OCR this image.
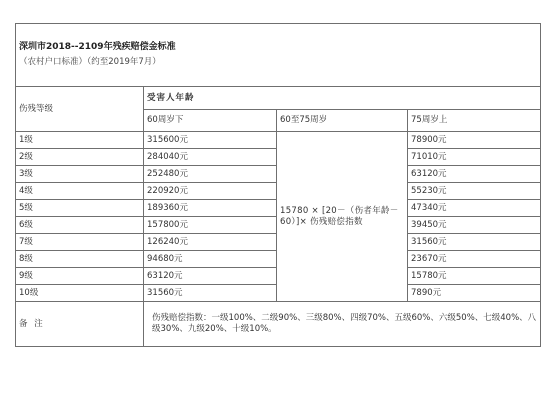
深圳市2018--2109年残疾赔偿金标准
（农村户口标准）（约至2019年7月）			

伤残等级	受害人年龄		
	60周岁下	60至75周岁	75周岁上
1级	315600元	15780 × [20－（伤者年龄－60）]× 伤残赔偿指数	78900元
2级	284040元		71010元
3级	252480元		63120元
4级	220920元		55230元
5级	189360元		47340元
6级	157800元		39450元
7级	126240元		31560元
8级	94680元		23670元
9级	63120元		15780元
10级	31560元		7890元
备 注	伤残赔偿指数：一级100%、二级90%、三级80%、四级70%、五级60%、六级50%、七级40%、八级30%、九级20%、十级10%。		
